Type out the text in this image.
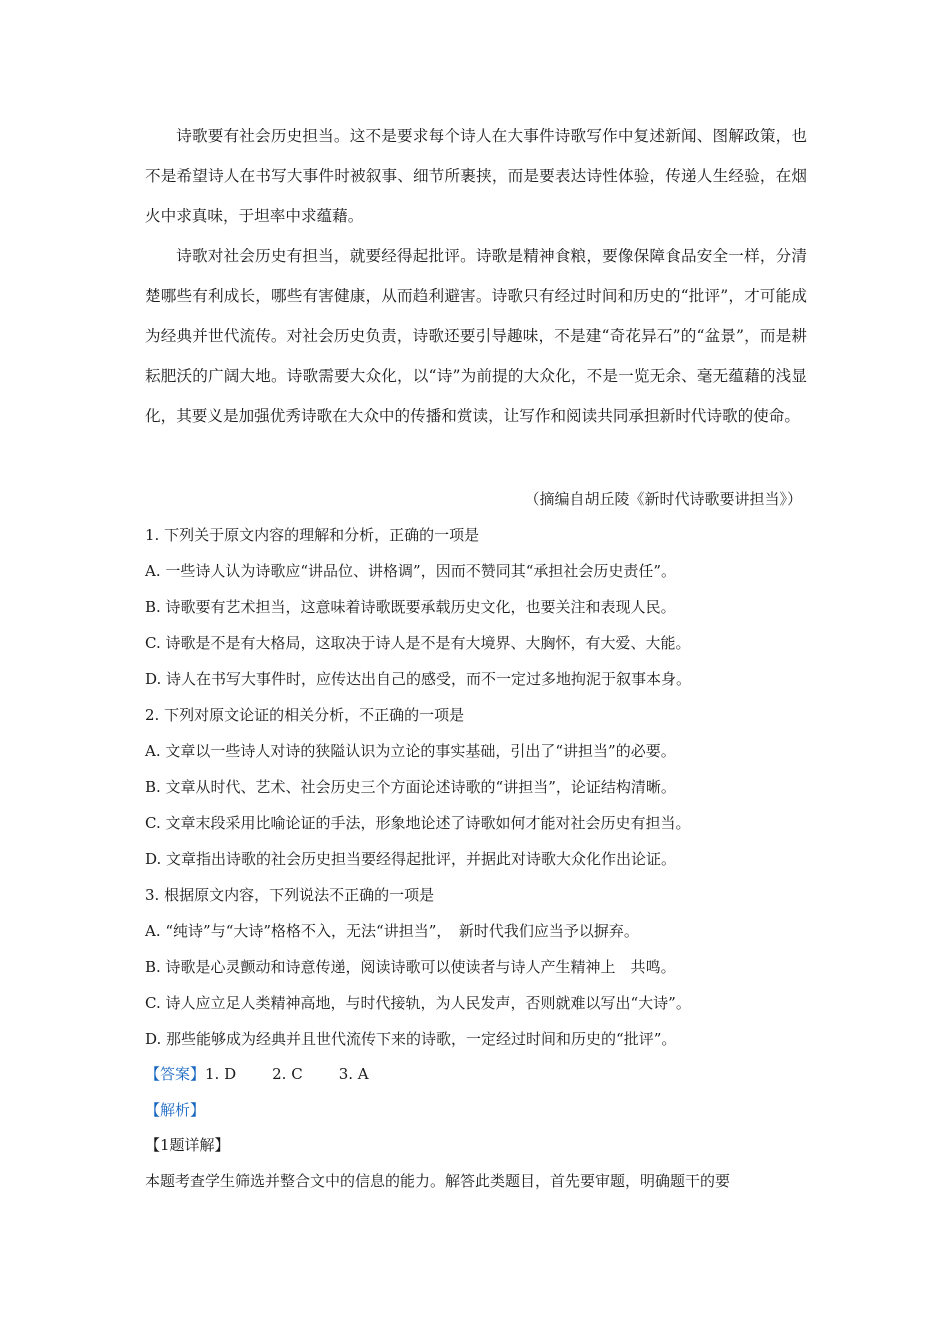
诗歌要有社会历史担当。这不是要求每个诗人在大事件诗歌写作中复述新闻、图解政策，也不是希望诗人在书写大事件时被叙事、细节所裹挟，而是要表达诗性体验，传递人生经验，在烟火中求真味，于坦率中求蕴藉。
诗歌对社会历史有担当，就要经得起批评。诗歌是精神食粮，要像保障食品安全一样，分清楚哪些有利成长，哪些有害健康，从而趋利避害。诗歌只有经过时间和历史的“批评”，才可能成为经典并世代流传。对社会历史负责，诗歌还要引导趣味，不是建“奇花异石”的“盆景”，而是耕耘肥沃的广阔大地。诗歌需要大众化，以“诗”为前提的大众化，不是一览无余、毫无蕴藉的浅显化，其要义是加强优秀诗歌在大众中的传播和赏读，让写作和阅读共同承担新时代诗歌的使命。
（摘编自胡丘陵《新时代诗歌要讲担当》）
1. 下列关于原文内容的理解和分析，正确的一项是
A. 一些诗人认为诗歌应“讲品位、讲格调”，因而不赞同其“承担社会历史责任”。
B. 诗歌要有艺术担当，这意味着诗歌既要承载历史文化，也要关注和表现人民。
C. 诗歌是不是有大格局，这取决于诗人是不是有大境界、大胸怀，有大爱、大能。
D. 诗人在书写大事件时，应传达出自己的感受，而不一定过多地拘泥于叙事本身。
2. 下列对原文论证的相关分析，不正确的一项是
A. 文章以一些诗人对诗的狭隘认识为立论的事实基础，引出了“讲担当”的必要。
B. 文章从时代、艺术、社会历史三个方面论述诗歌的“讲担当”，论证结构清晰。
C. 文章末段采用比喻论证的手法，形象地论述了诗歌如何才能对社会历史有担当。
D. 文章指出诗歌的社会历史担当要经得起批评，并据此对诗歌大众化作出论证。
3. 根据原文内容，下列说法不正确的一项是
A. “纯诗”与“大诗”格格不入，无法“讲担当”，　新时代我们应当予以摒弃。
B. 诗歌是心灵颤动和诗意传递，阅读诗歌可以使读者与诗人产生精神上　共鸣。
C. 诗人应立足人类精神高地，与时代接轨，为人民发声，否则就难以写出“大诗”。
D. 那些能够成为经典并且世代流传下来的诗歌，一定经过时间和历史的“批评”。
【答案】1. D 2. C 3. A
【解析】
【1题详解】
本题考查学生筛选并整合文中的信息的能力。解答此类题目，首先要审题，明确题干的要
